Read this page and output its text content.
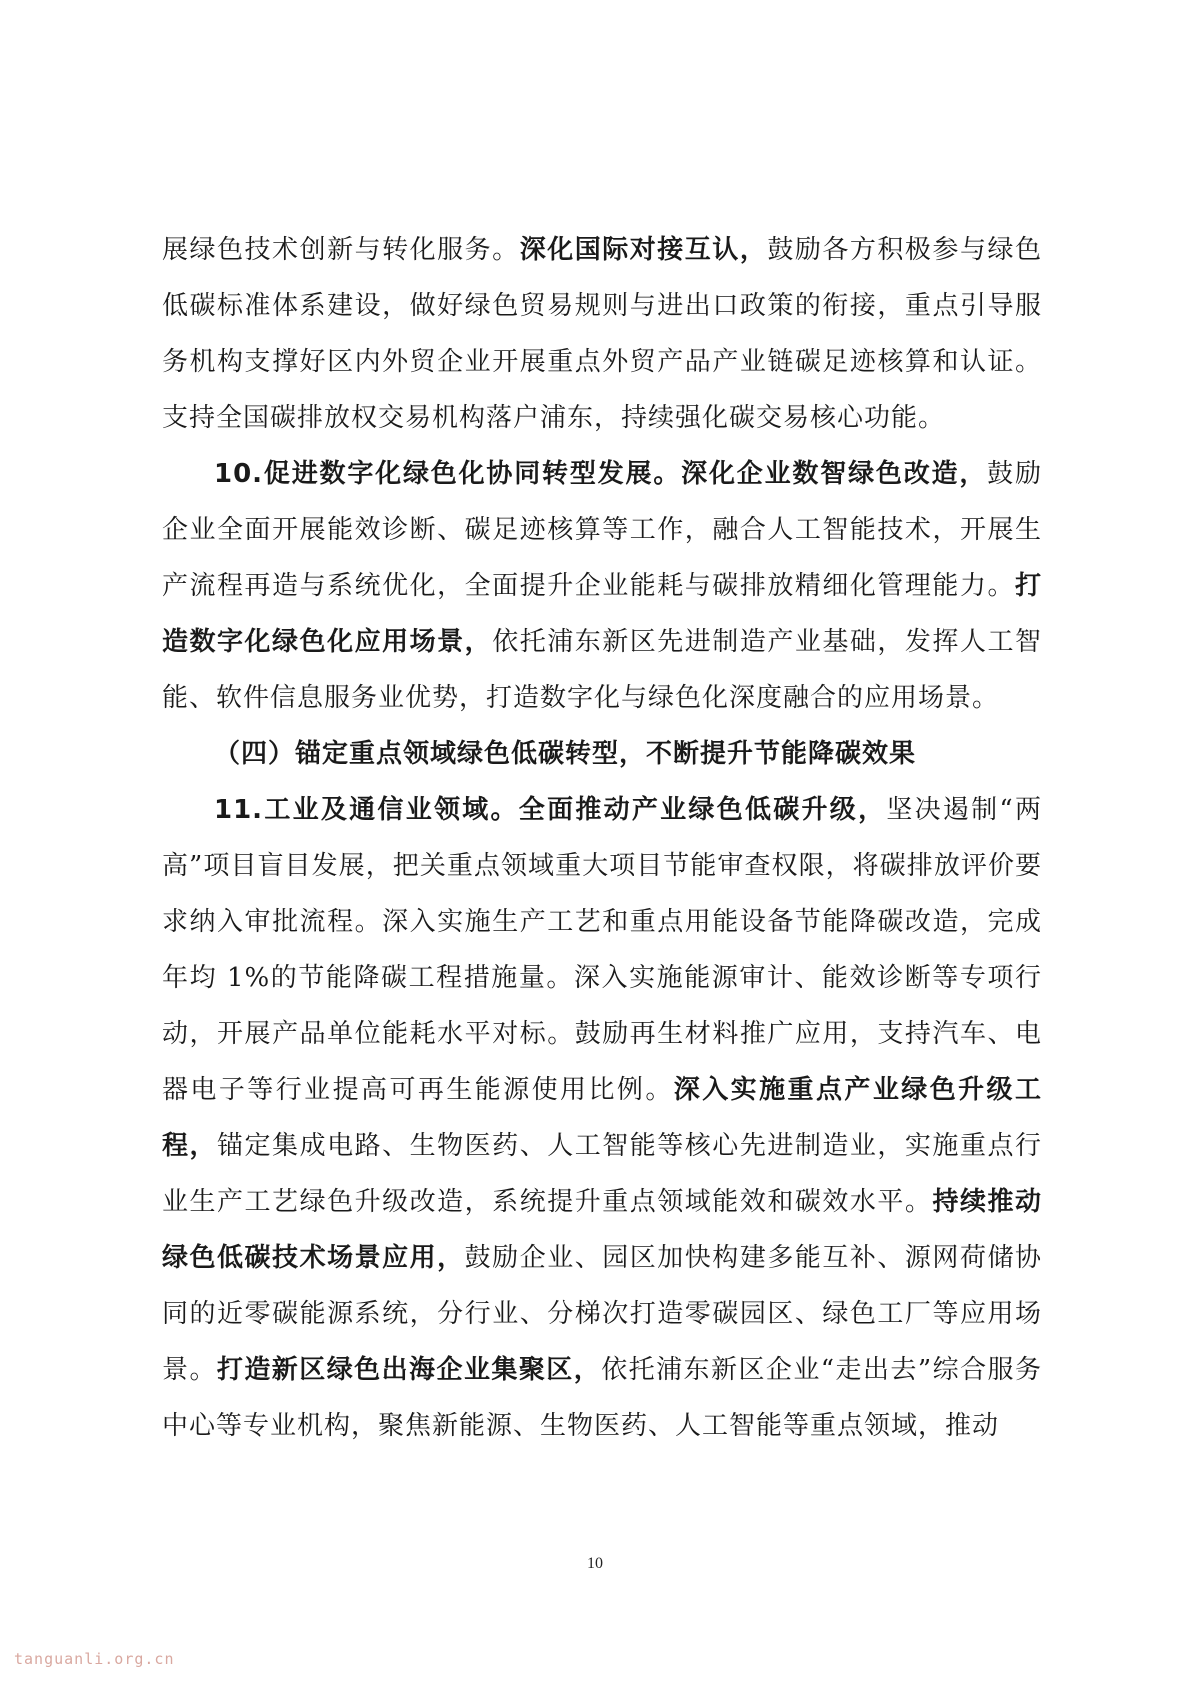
展绿色技术创新与转化服务。深化国际对接互认，鼓励各方积极参与绿色低碳标准体系建设，做好绿色贸易规则与进出口政策的衔接，重点引导服务机构支撑好区内外贸企业开展重点外贸产品产业链碳足迹核算和认证。支持全国碳排放权交易机构落户浦东，持续强化碳交易核心功能。

10.促进数字化绿色化协同转型发展。深化企业数智绿色改造，鼓励企业全面开展能效诊断、碳足迹核算等工作，融合人工智能技术，开展生产流程再造与系统优化，全面提升企业能耗与碳排放精细化管理能力。打造数字化绿色化应用场景，依托浦东新区先进制造产业基础，发挥人工智能、软件信息服务业优势，打造数字化与绿色化深度融合的应用场景。

（四）锚定重点领域绿色低碳转型，不断提升节能降碳效果

11.工业及通信业领域。全面推动产业绿色低碳升级，坚决遏制“两高”项目盲目发展，把关重点领域重大项目节能审查权限，将碳排放评价要求纳入审批流程。深入实施生产工艺和重点用能设备节能降碳改造，完成年均 1%的节能降碳工程措施量。深入实施能源审计、能效诊断等专项行动，开展产品单位能耗水平对标。鼓励再生材料推广应用，支持汽车、电器电子等行业提高可再生能源使用比例。深入实施重点产业绿色升级工程，锚定集成电路、生物医药、人工智能等核心先进制造业，实施重点行业生产工艺绿色升级改造，系统提升重点领域能效和碳效水平。持续推动绿色低碳技术场景应用，鼓励企业、园区加快构建多能互补、源网荷储协同的近零碳能源系统，分行业、分梯次打造零碳园区、绿色工厂等应用场景。打造新区绿色出海企业集聚区，依托浦东新区企业“走出去”综合服务中心等专业机构，聚焦新能源、生物医药、人工智能等重点领域，推动

10
tanguanli.org.cn
